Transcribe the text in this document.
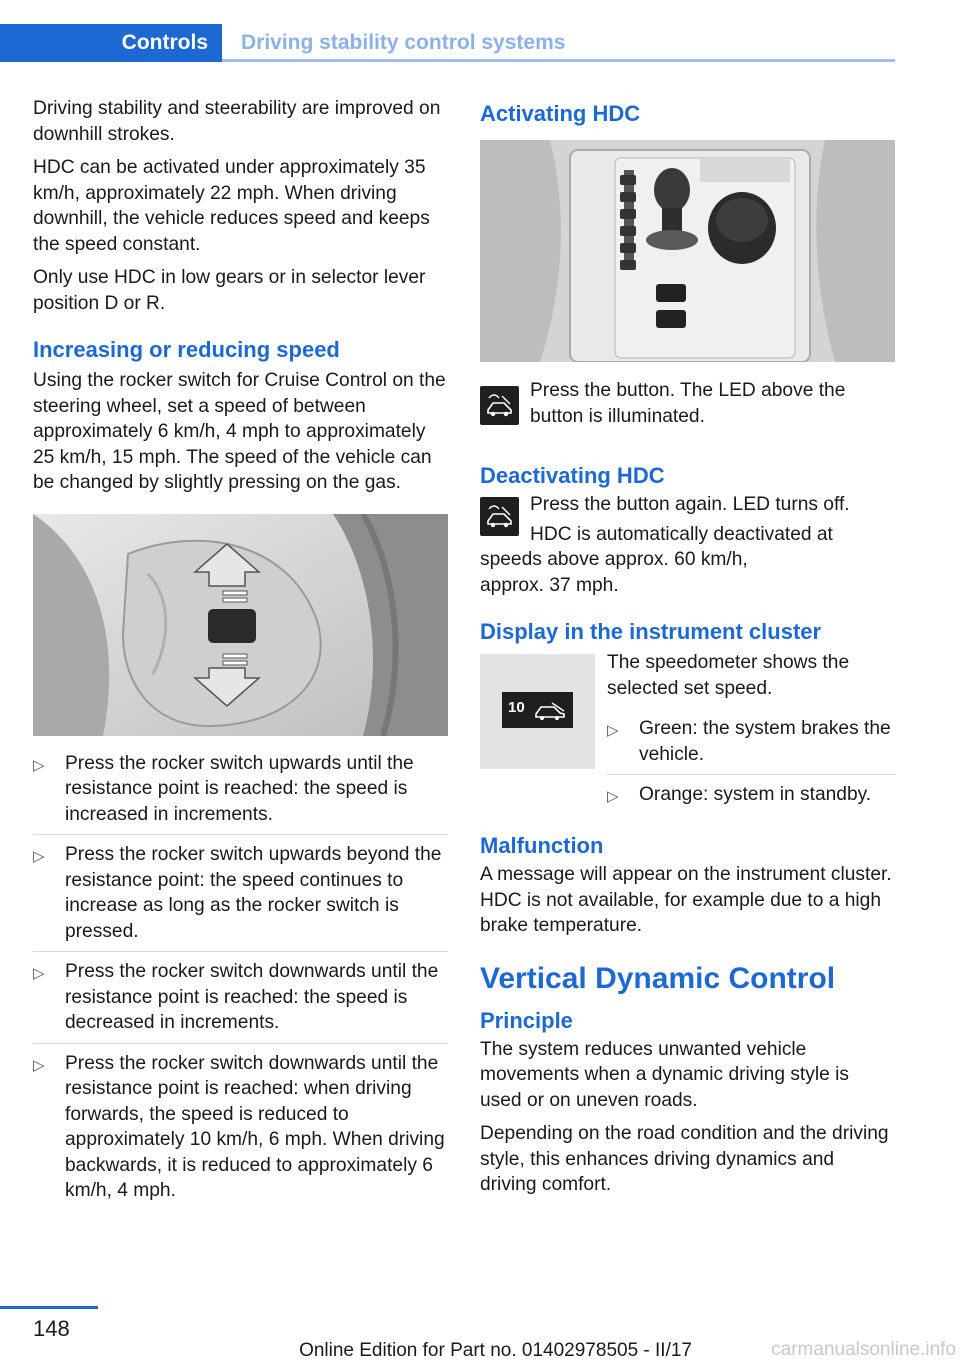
Controls Driving stability control systems

Driving stability and steerability are improved on downhill strokes.

HDC can be activated under approximately 35 km/h, approximately 22 mph. When driving downhill, the vehicle reduces speed and keeps the speed constant.

Only use HDC in low gears or in selector lever position D or R.

Increasing or reducing speed

Using the rocker switch for Cruise Control on the steering wheel, set a speed of between approximately 6 km/h, 4 mph to approximately 25 km/h, 15 mph. The speed of the vehicle can be changed by slightly pressing on the gas.

▷ Press the rocker switch upwards until the resistance point is reached: the speed is increased in increments.
▷ Press the rocker switch upwards beyond the resistance point: the speed continues to increase as long as the rocker switch is pressed.
▷ Press the rocker switch downwards until the resistance point is reached: the speed is decreased in increments.
▷ Press the rocker switch downwards until the resistance point is reached: when driving forwards, the speed is reduced to approximately 10 km/h, 6 mph. When driving backwards, it is reduced to approximately 6 km/h, 4 mph.
Activating HDC

Press the button. The LED above the button is illuminated.

Deactivating HDC

Press the button again. LED turns off.

HDC is automatically deactivated at

speeds above approx. 60 km/h, approx. 37 mph.

Display in the instrument cluster
10

The speedometer shows the selected set speed.

▷ Green: the system brakes the vehicle.
▷ Orange: system in standby.
Malfunction

A message will appear on the instrument cluster. HDC is not available, for example due to a high brake temperature.

Vertical Dynamic Control
Principle

The system reduces unwanted vehicle movements when a dynamic driving style is used or on uneven roads.

Depending on the road condition and the driving style, this enhances driving dynamics and driving comfort.

148
Online Edition for Part no. 01402978505 - II/17	carmanualsonline.info
